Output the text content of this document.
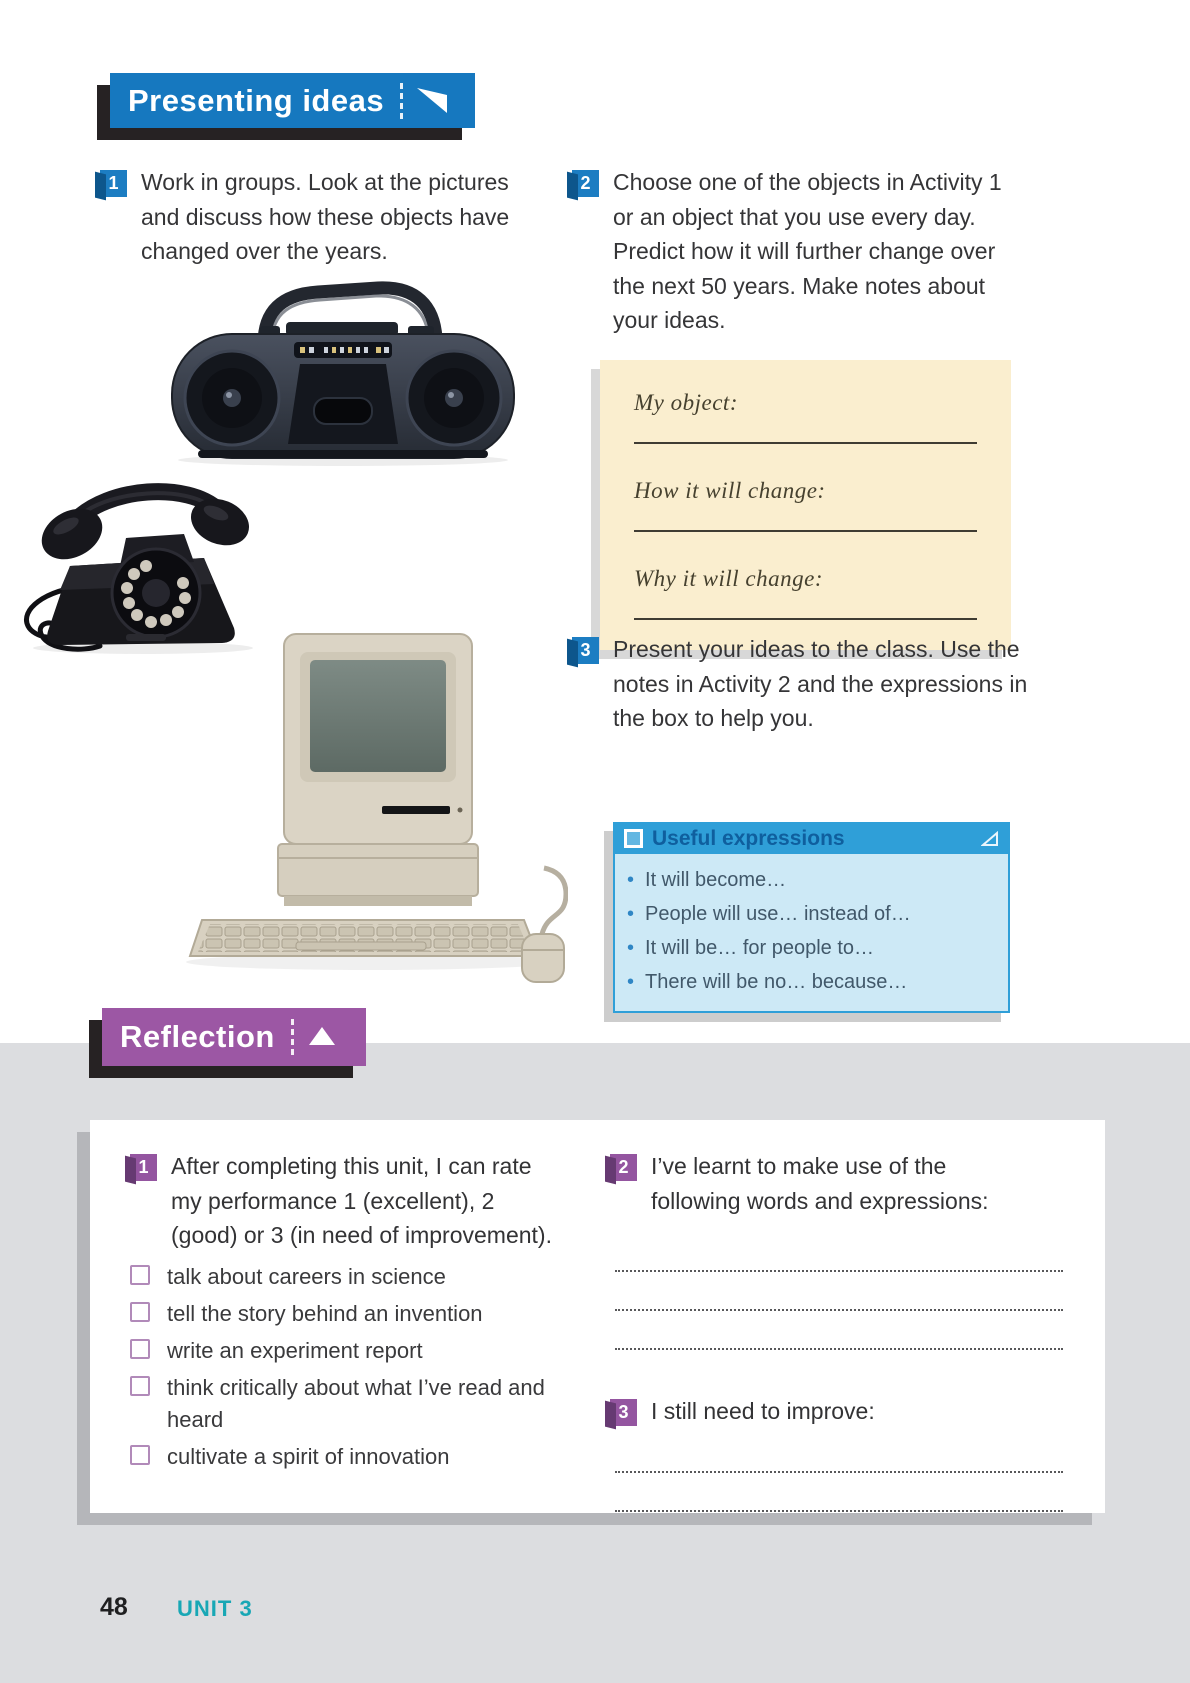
Presenting ideas
1 Work in groups. Look at the pictures and discuss how these objects have changed over the years.
2 Choose one of the objects in Activity 1 or an object that you use every day. Predict how it will further change over the next 50 years. Make notes about your ideas.
My object:
How it will change:
Why it will change:
3 Present your ideas to the class. Use the notes in Activity 2 and the expressions in the box to help you.
Useful expressions
• It will become…
• People will use… instead of…
• It will be… for people to…
• There will be no… because…
Reflection
1 After completing this unit, I can rate my performance 1 (excellent), 2 (good) or 3 (in need of improvement).
talk about careers in science
tell the story behind an invention
write an experiment report
think critically about what I’ve read and heard
cultivate a spirit of innovation
2 I’ve learnt to make use of the following words and expressions:
3 I still need to improve:
48 UNIT 3
